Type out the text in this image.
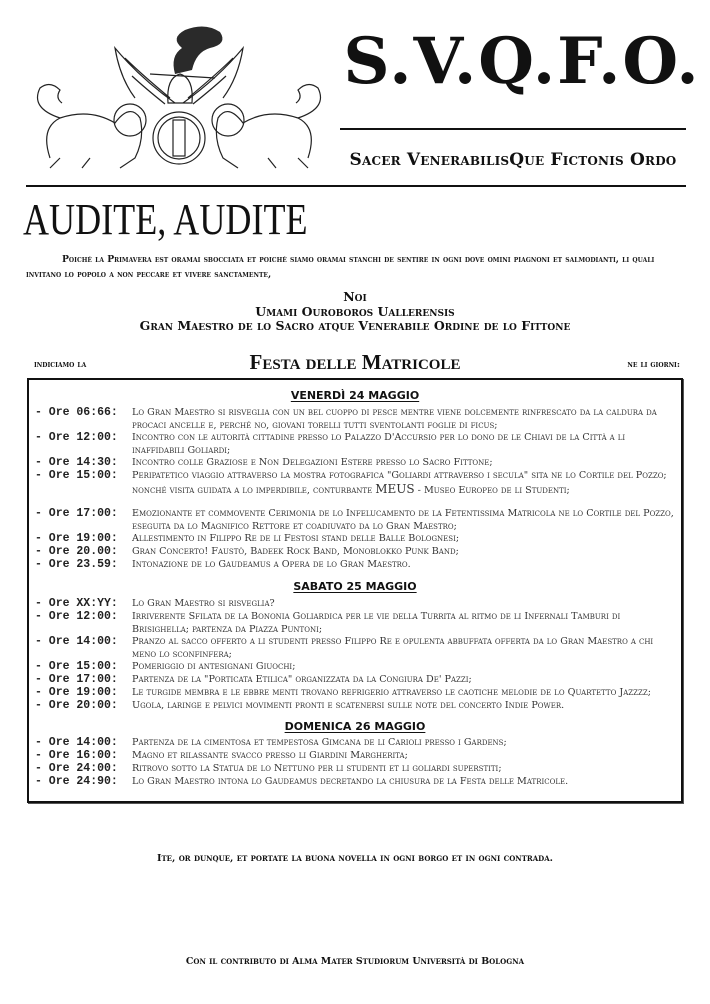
S.V.Q.F.O.
Sacer VenerabilisQue Fictonis Ordo
AUDITE, AUDITE
Poiché la Primavera est oramai sbocciata et poiché siamo oramai stanchi de sentire in ogni dove omini piagnoni et salmodianti, li quali invitano lo popolo a non peccare et vivere sanctamente,
Noi
Umami Ouroboros Uallerensis
Gran Maestro de lo Sacro atque Venerabile Ordine de lo Fittone
indiciamo la	Festa delle Matricole	ne li giorni:
VENERDÌ 24 MAGGIO
- Ore 06:66: Lo Gran Maestro si risveglia con un bel cuoppo di pesce mentre viene dolcemente rinfrescato da la caldura da procaci ancelle e, perché no, giovani torelli tutti sventolanti foglie di ficus;
- Ore 12:00: Incontro con le autorità cittadine presso lo Palazzo D'Accursio per lo dono de le Chiavi de la Città a li inaffidabili Goliardi;
- Ore 14:30: Incontro colle Graziose e Non Delegazioni Estere presso lo Sacro Fittone;
- Ore 15:00: Peripatetico viaggio attraverso la mostra fotografica "Goliardi attraverso i secula" sita ne lo Cortile del Pozzo; nonché visita guidata a lo imperdibile, conturbante MEUS - Museo Europeo de li Studenti;
- Ore 17:00: Emozionante et commovente Cerimonia de lo Infelucamento de la Fetentissima Matricola ne lo Cortile del Pozzo, eseguita da lo Magnifico Rettore et coadiuvato da lo Gran Maestro;
- Ore 19:00: Allestimento in Filippo Re de li Festosi stand delle Balle Bolognesi;
- Ore 20.00: Gran Concerto! Faustò, Badeek Rock Band, Monoblokko Punk Band;
- Ore 23.59: Intonazione de lo Gaudeamus a Opera de lo Gran Maestro.
SABATO 25 MAGGIO
- Ore XX:YY: Lo Gran Maestro si risveglia?
- Ore 12:00: Irriverente Sfilata de la Bononia Goliardica per le vie della Turrita al ritmo de li Infernali Tamburi di Brisighella; partenza da Piazza Puntoni;
- Ore 14:00: Pranzo al sacco offerto a li studenti presso Filippo Re e opulenta abbuffata offerta da lo Gran Maestro a chi meno lo sconfinfera;
- Ore 15:00: Pomeriggio di antesignani Giuochi;
- Ore 17:00: Partenza de la "Porticata Etilica" organizzata da la Congiura De' Pazzi;
- Ore 19:00: Le turgide membra e le ebbre menti trovano refrigerio attraverso le caotiche melodie de lo Quartetto Jazzzz;
- Ore 20:00: Ugola, laringe e pelvici movimenti pronti e scatenersi sulle note del concerto Indie Power.
DOMENICA 26 MAGGIO
- Ore 14:00: Partenza de la cimentosa et tempestosa Gimcana de li Carioli presso i Gardens;
- Ore 16:00: Magno et rilassante svacco presso li Giardini Margherita;
- Ore 24:00: Ritrovo sotto la Statua de lo Nettuno per li studenti et li goliardi superstiti;
- Ore 24:90: Lo Gran Maestro intona lo Gaudeamus decretando la chiusura de la Festa delle Matricole.
Ite, or dunque, et portate la buona novella in ogni borgo et in ogni contrada.
Con il contributo di Alma Mater Studiorum Università di Bologna
